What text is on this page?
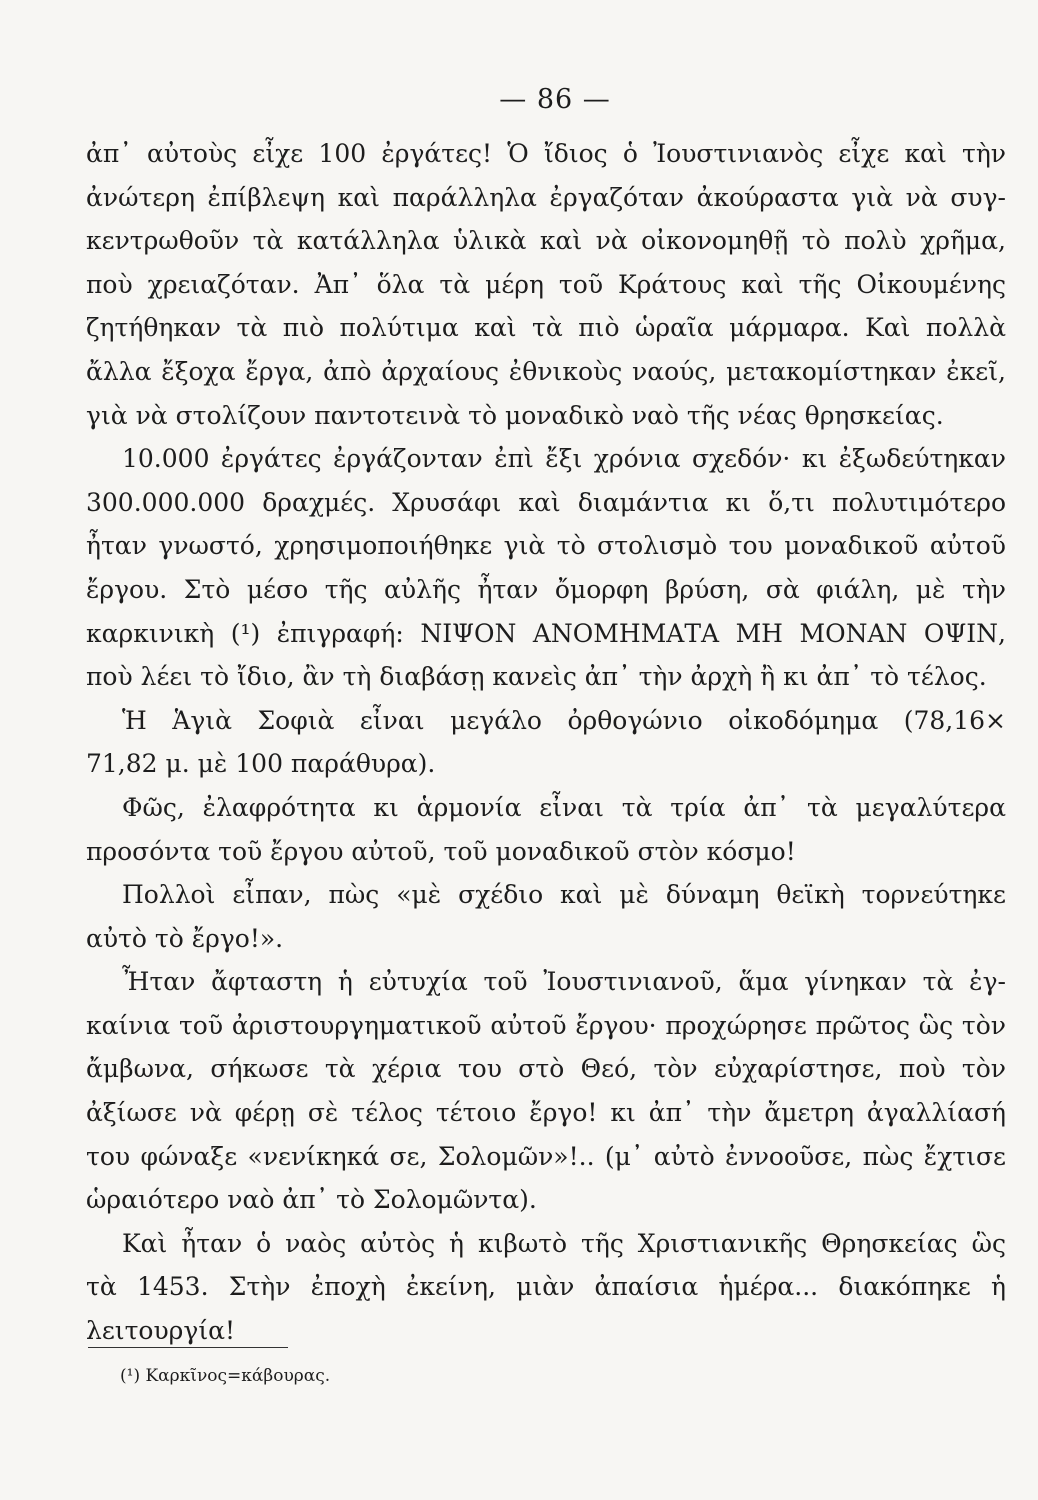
— 86 —
ἀπ᾽ αὐτοὺς εἶχε 100 ἐργάτες! Ὁ ἴδιος ὁ Ἰουστινιανὸς εἶχε καὶ τὴν
ἀνώτερη ἐπίβλεψη καὶ παράλληλα ἐργαζόταν ἀκούραστα γιὰ νὰ συγ-
κεντρωθοῦν τὰ κατάλληλα ὑλικὰ καὶ νὰ οἰκονομηθῇ τὸ πολὺ χρῆμα,
ποὺ χρειαζόταν. Ἀπ᾽ ὅλα τὰ μέρη τοῦ Κράτους καὶ τῆς Οἰκουμένης
ζητήθηκαν τὰ πιὸ πολύτιμα καὶ τὰ πιὸ ὡραῖα μάρμαρα. Καὶ πολλὰ
ἄλλα ἔξοχα ἔργα, ἀπὸ ἀρχαίους ἐθνικοὺς ναούς, μετακομίστηκαν ἐκεῖ,
γιὰ νὰ στολίζουν παντοτεινὰ τὸ μοναδικὸ ναὸ τῆς νέας θρησκείας.
10.000 ἐργάτες ἐργάζονταν ἐπὶ ἔξι χρόνια σχεδόν· κι ἐξωδεύτηκαν
300.000.000 δραχμές. Χρυσάφι καὶ διαμάντια κι ὅ,τι πολυτιμότερο
ἦταν γνωστό, χρησιμοποιήθηκε γιὰ τὸ στολισμὸ του μοναδικοῦ αὐτοῦ
ἔργου. Στὸ μέσο τῆς αὐλῆς ἦταν ὄμορφη βρύση, σὰ φιάλη, μὲ τὴν
καρκινικὴ (¹) ἐπιγραφή: ΝΙΨΟΝ ΑΝΟΜΗΜΑΤΑ ΜΗ ΜΟΝΑΝ ΟΨΙΝ,
ποὺ λέει τὸ ἴδιο, ἂν τὴ διαβάσῃ κανεὶς ἀπ᾽ τὴν ἀρχὴ ἢ κι ἀπ᾽ τὸ τέλος.
Ἡ Ἁγιὰ Σοφιὰ εἶναι μεγάλο ὀρθογώνιο οἰκοδόμημα (78,16×
71,82 μ. μὲ 100 παράθυρα).
Φῶς, ἐλαφρότητα κι ἁρμονία εἶναι τὰ τρία ἀπ᾽ τὰ μεγαλύτερα
προσόντα τοῦ ἔργου αὐτοῦ, τοῦ μοναδικοῦ στὸν κόσμο!
Πολλοὶ εἶπαν, πὼς «μὲ σχέδιο καὶ μὲ δύναμη θεϊκὴ τορνεύτηκε
αὐτὸ τὸ ἔργο!».
Ἦταν ἄφταστη ἡ εὐτυχία τοῦ Ἰουστινιανοῦ, ἅμα γίνηκαν τὰ ἐγ-
καίνια τοῦ ἀριστουργηματικοῦ αὐτοῦ ἔργου· προχώρησε πρῶτος ὣς τὸν
ἄμβωνα, σήκωσε τὰ χέρια του στὸ Θεό, τὸν εὐχαρίστησε, ποὺ τὸν
ἀξίωσε νὰ φέρῃ σὲ τέλος τέτοιο ἔργο! κι ἀπ᾽ τὴν ἄμετρη ἀγαλλίασή
του φώναξε «νενίκηκά σε, Σολομῶν»!.. (μ᾽ αὐτὸ ἐννοοῦσε, πὼς ἔχτισε
ὡραιότερο ναὸ ἀπ᾽ τὸ Σολομῶντα).
Καὶ ἦταν ὁ ναὸς αὐτὸς ἡ κιβωτὸ τῆς Χριστιανικῆς Θρησκείας ὣς
τὰ 1453. Στὴν ἐποχὴ ἐκείνη, μιὰν ἀπαίσια ἡμέρα... διακόπηκε ἡ
λειτουργία!
(¹) Καρκῖνος=κάβουρας.
